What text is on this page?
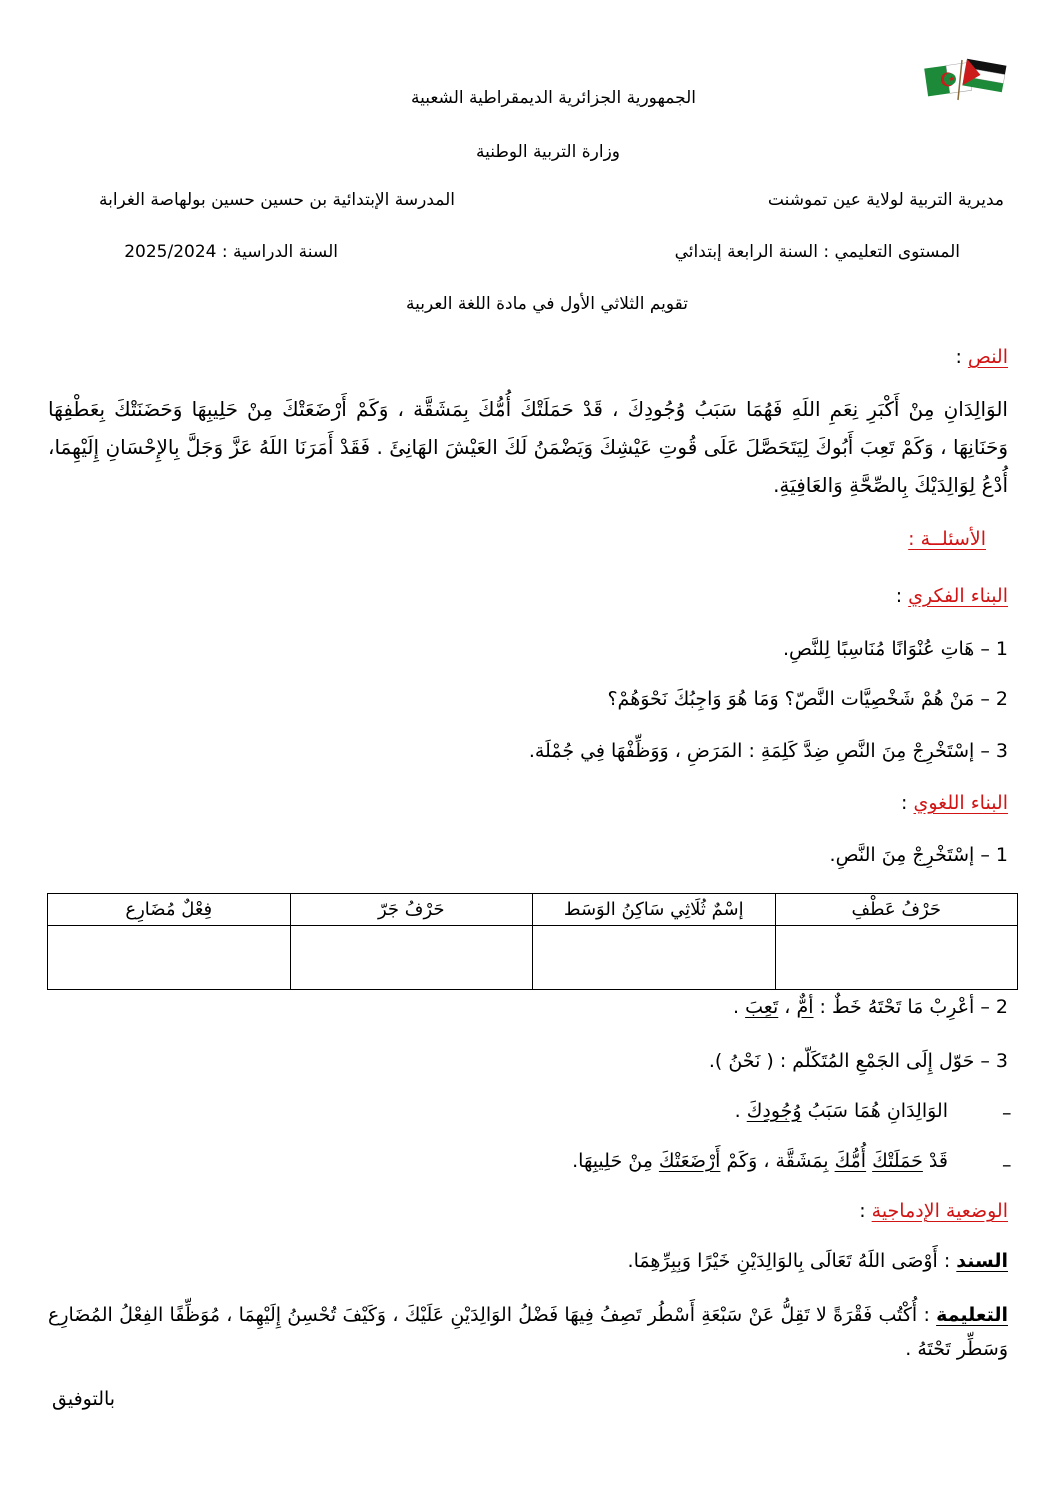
الجمهورية الجزائرية الديمقراطية الشعبية
وزارة التربية الوطنية
مديرية التربية لولاية عين تموشنت
المدرسة الإبتدائية بن حسين حسين بولهاصة الغرابة
المستوى التعليمي : السنة الرابعة إبتدائي
السنة الدراسية : 2025/2024
تقويم الثلاثي الأول في مادة اللغة العربية
النص :
الوَالِدَانِ مِنْ أَكْبَرِ نِعَمِ اللَهِ فَهُمَا سَبَبُ وُجُودِكَ ، قَدْ حَمَلَتْكَ أُمُّكَ بِمَشَقَّة ، وَكَمْ أَرْضَعَتْكَ مِنْ حَلِيبِهَا وَحَضَنَتْكَ بِعَطْفِهَا وَحَنَانِهَا ، وَكَمْ تَعِبَ أَبُوكَ لِيَتَحَصَّلَ عَلَى قُوتِ عَيْشِكَ وَيَضْمَنُ لَكَ العَيْشَ الهَانِئَ . فَقَدْ أَمَرَنَا اللَهُ عَزَّ وَجَلَّ بِالإِحْسَانِ إِلَيْهِمَا، أُدْعُ لِوَالِدَيْكَ بِالصِّحَّةِ وَالعَافِيَةِ.
الأسئلــة :
البناء الفكري :
1 – هَاتِ عُنْوَانًا مُنَاسِبًا لِلنَّصِ.
2 – مَنْ هُمْ شَخْصِيَّات النَّصّ؟ وَمَا هُوَ وَاجِبُكَ نَحْوَهُمْ؟
3 – إسْتَخْرِجْ مِنَ النَّصِ ضِدَّ كَلِمَةِ : المَرَضِ ، وَوَظِّفْهَا فِي جُمْلَة.
البناء اللغوي :
1 – إسْتَخْرِجْ مِنَ النَّصِ.
حَرْفُ عَطْفِ	إسْمٌ ثُلَاثِي سَاكِنُ الوَسَط	حَرْفُ جَرّ	فِعْلٌ مُضَارِع

2 – أعْرِبْ مَا تَحْتَهُ خَطٌ : أمٌّ ، تَعِبَ .
3 – حَوّل إِلَى الجَمْعِ المُتَكَلّم : ( نَحْنُ ).
–
الوَالِدَانِ هُمَا سَبَبُ وُجُودِكَ .
–
قَدْ حَمَلَتْكَ أُمُّكَ بِمَشَقَّة ، وَكَمْ أَرْضَعَتْكَ مِنْ حَلِيبِهَا.
الوضعية الإدماجية :
السند : أَوْصَى اللَهُ تَعَالَى بِالوَالِدَيْنِ خَيْرًا وَبِبِرِّهِمَا.
التعليمة : أُكْتُب فَقْرَةً لا تَقِلُّ عَنْ سَبْعَةِ أَسْطُر تَصِفُ فِيهَا فَضْلُ الوَالِدَيْنِ عَلَيْكَ ، وَكَيْفَ تُحْسِنُ إِلَيْهِمَا ، مُوَظِّفًا الفِعْلُ المُضَارِع وَسَطِّر تَحْتَهُ .
بالتوفيق
